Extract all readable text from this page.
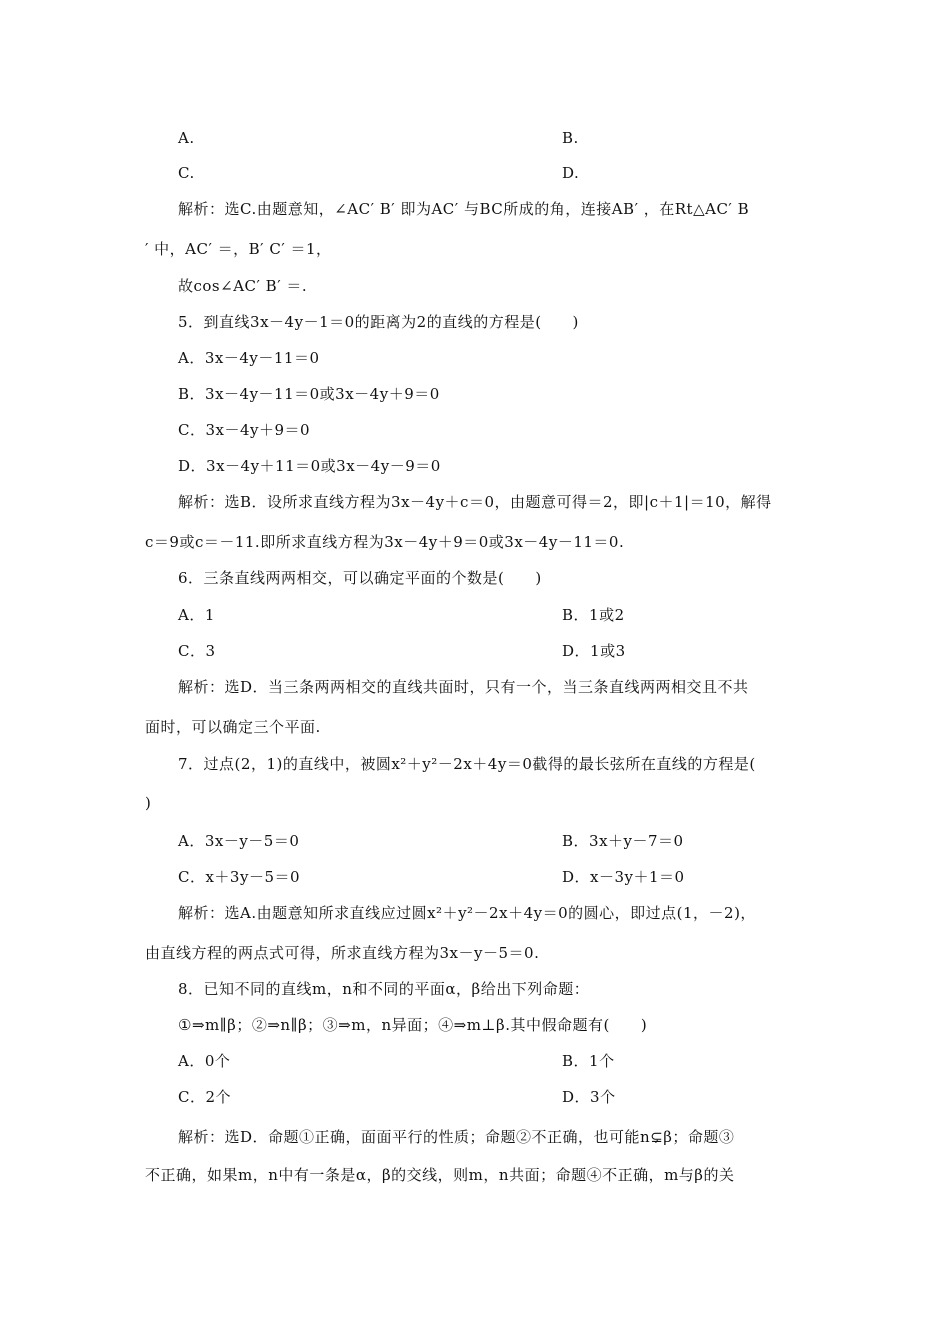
A.	B.
C.	D.
解析：选C.由题意知，∠AC′ B′ 即为AC′ 与BC所成的角，连接AB′ ，在Rt△AC′ B
′ 中，AC′ ＝，B′ C′ ＝1，
故cos∠AC′ B′ ＝.
5．到直线3x－4y－1＝0的距离为2的直线的方程是(　　)
A．3x－4y－11＝0
B．3x－4y－11＝0或3x－4y＋9＝0
C．3x－4y＋9＝0
D．3x－4y＋11＝0或3x－4y－9＝0
解析：选B．设所求直线方程为3x－4y＋c＝0，由题意可得＝2，即|c＋1|＝10，解得
c＝9或c＝－11.即所求直线方程为3x－4y＋9＝0或3x－4y－11＝0.
6．三条直线两两相交，可以确定平面的个数是(　　)
A．1	B．1或2
C．3	D．1或3
解析：选D．当三条两两相交的直线共面时，只有一个，当三条直线两两相交且不共
面时，可以确定三个平面.
7．过点(2，1)的直线中，被圆x²＋y²－2x＋4y＝0截得的最长弦所在直线的方程是(
)
A．3x－y－5＝0	B．3x＋y－7＝0
C．x＋3y－5＝0	D．x－3y＋1＝0
解析：选A.由题意知所求直线应过圆x²＋y²－2x＋4y＝0的圆心，即过点(1，－2)，
由直线方程的两点式可得，所求直线方程为3x－y－5＝0.
8．已知不同的直线m，n和不同的平面α，β给出下列命题：
①⇒m∥β；②⇒n∥β；③⇒m，n异面；④⇒m⊥β.其中假命题有(　　)
A．0个	B．1个
C．2个	D．3个
解析：选D．命题①正确，面面平行的性质；命题②不正确，也可能n⊊β；命题③
不正确，如果m，n中有一条是α，β的交线，则m，n共面；命题④不正确，m与β的关
